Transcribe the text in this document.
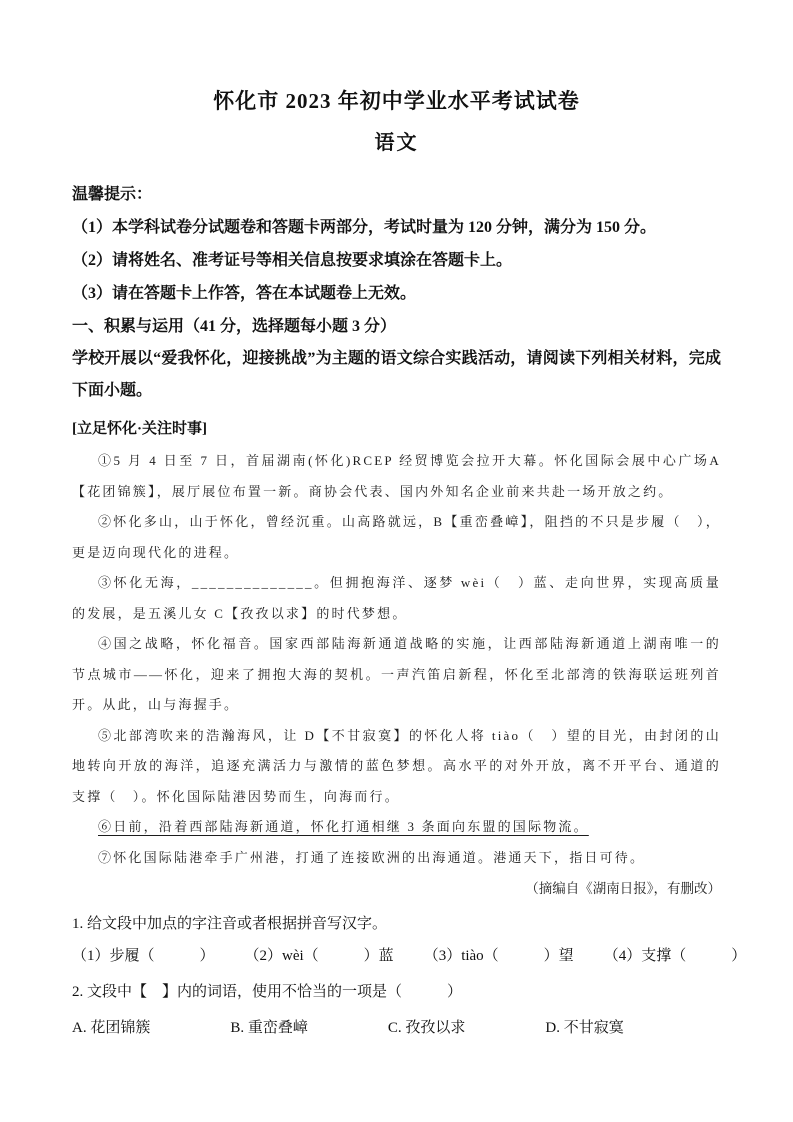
怀化市 2023 年初中学业水平考试试卷
语文

温馨提示：

（1）本学科试卷分试题卷和答题卡两部分，考试时量为 120 分钟，满分为 150 分。

（2）请将姓名、准考证号等相关信息按要求填涂在答题卡上。

（3）请在答题卡上作答，答在本试题卷上无效。

一、积累与运用（41 分，选择题每小题 3 分）

学校开展以“爱我怀化，迎接挑战”为主题的语文综合实践活动，请阅读下列相关材料，完成下面小题。

[立足怀化·关注时事]

①5 月 4 日至 7 日，首届湖南(怀化)RCEP 经贸博览会拉开大幕。怀化国际会展中心广场A【花团锦簇】，展厅展位布置一新。商协会代表、国内外知名企业前来共赴一场开放之约。

②怀化多山，山于怀化，曾经沉重。山高路就远，B【重峦叠嶂】，阻挡的不只是步履（　），更是迈向现代化的进程。

③怀化无海，______________。但拥抱海洋、逐梦 wèi（　）蓝、走向世界，实现高质量的发展，是五溪儿女 C【孜孜以求】的时代梦想。

④国之战略，怀化福音。国家西部陆海新通道战略的实施，让西部陆海新通道上湖南唯一的节点城市——怀化，迎来了拥抱大海的契机。一声汽笛启新程，怀化至北部湾的铁海联运班列首开。从此，山与海握手。

⑤北部湾吹来的浩瀚海风，让 D【不甘寂寞】的怀化人将 tiào（　）望的目光，由封闭的山地转向开放的海洋，追逐充满活力与激情的蓝色梦想。高水平的对外开放，离不开平台、通道的支撑（　）。怀化国际陆港因势而生，向海而行。

⑥日前，沿着西部陆海新通道，怀化打通相继 3 条面向东盟的国际物流。

⑦怀化国际陆港牵手广州港，打通了连接欧洲的出海通道。港通天下，指日可待。

（摘编自《湖南日报》，有删改）

1. 给文段中加点的字注音或者根据拼音写汉字。

（1）步履（　　　） （2）wèi（　　　）蓝 （3）tiào（　　　）望 （4）支撑（　　　）

2. 文段中【　】内的词语，使用不恰当的一项是（　　　）

A. 花团锦簇	B. 重峦叠嶂	C. 孜孜以求	D. 不甘寂寞
